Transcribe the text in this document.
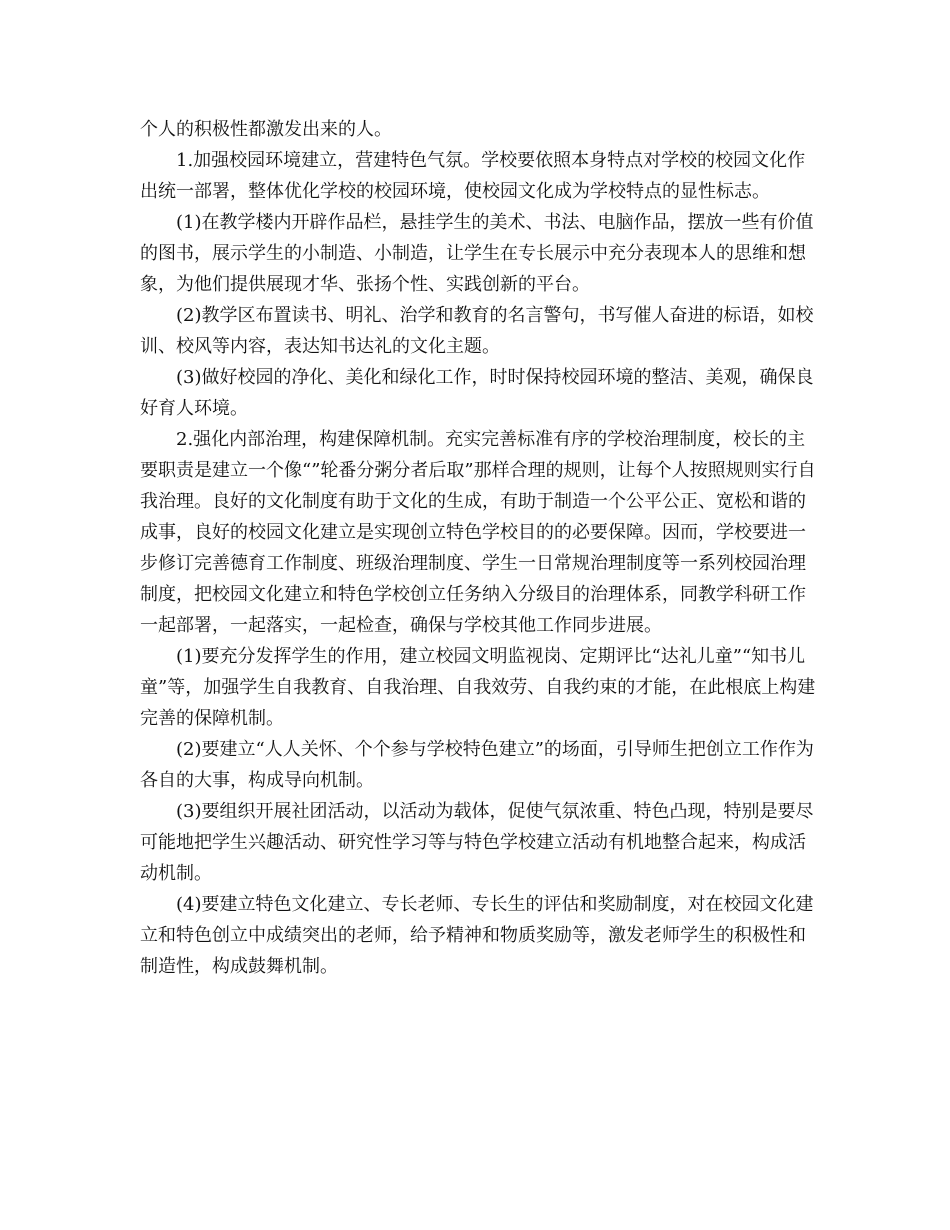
个人的积极性都激发出来的人。

1.加强校园环境建立，营建特色气氛。学校要依照本身特点对学校的校园文化作出统一部署，整体优化学校的校园环境，使校园文化成为学校特点的显性标志。

(1)在教学楼内开辟作品栏，悬挂学生的美术、书法、电脑作品，摆放一些有价值的图书，展示学生的小制造、小制造，让学生在专长展示中充分表现本人的思维和想象，为他们提供展现才华、张扬个性、实践创新的平台。

(2)教学区布置读书、明礼、治学和教育的名言警句，书写催人奋进的标语，如校训、校风等内容，表达知书达礼的文化主题。

(3)做好校园的净化、美化和绿化工作，时时保持校园环境的整洁、美观，确保良好育人环境。

2.强化内部治理，构建保障机制。充实完善标准有序的学校治理制度，校长的主要职责是建立一个像“”轮番分粥分者后取”那样合理的规则，让每个人按照规则实行自我治理。良好的文化制度有助于文化的生成，有助于制造一个公平公正、宽松和谐的成事，良好的校园文化建立是实现创立特色学校目的的必要保障。因而，学校要进一步修订完善德育工作制度、班级治理制度、学生一日常规治理制度等一系列校园治理制度，把校园文化建立和特色学校创立任务纳入分级目的治理体系，同教学科研工作一起部署，一起落实，一起检查，确保与学校其他工作同步进展。

(1)要充分发挥学生的作用，建立校园文明监视岗、定期评比“达礼儿童”“知书儿童”等，加强学生自我教育、自我治理、自我效劳、自我约束的才能，在此根底上构建完善的保障机制。

(2)要建立“人人关怀、个个参与学校特色建立”的场面，引导师生把创立工作作为各自的大事，构成导向机制。

(3)要组织开展社团活动，以活动为载体，促使气氛浓重、特色凸现，特别是要尽可能地把学生兴趣活动、研究性学习等与特色学校建立活动有机地整合起来，构成活动机制。

(4)要建立特色文化建立、专长老师、专长生的评估和奖励制度，对在校园文化建立和特色创立中成绩突出的老师，给予精神和物质奖励等，激发老师学生的积极性和制造性，构成鼓舞机制。
